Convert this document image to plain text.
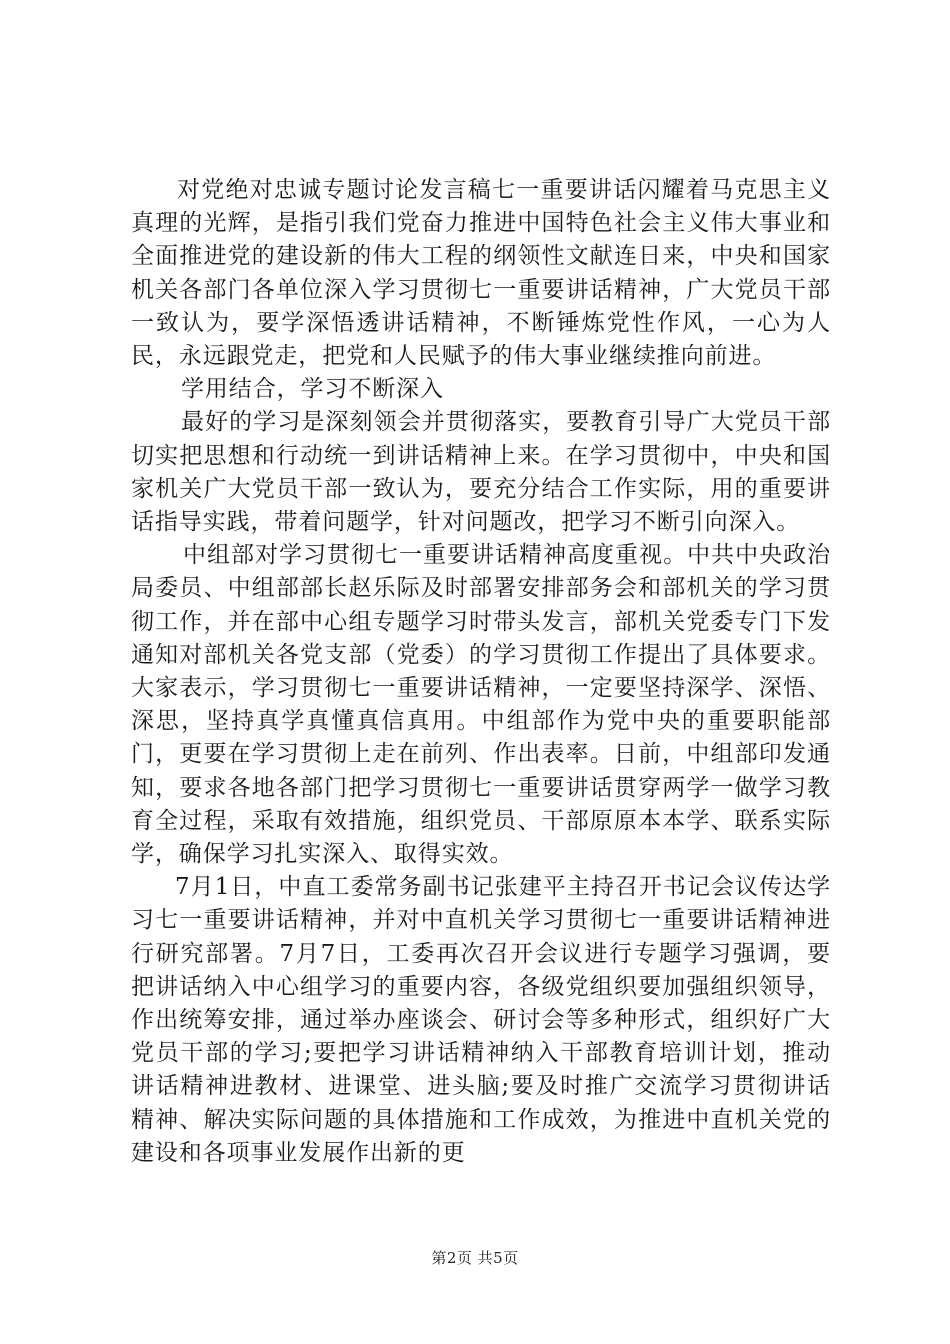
对党绝对忠诚专题讨论发言稿七一重要讲话闪耀着马克思主义真理的光辉，是指引我们党奋力推进中国特色社会主义伟大事业和全面推进党的建设新的伟大工程的纲领性文献连日来，中央和国家机关各部门各单位深入学习贯彻七一重要讲话精神，广大党员干部一致认为，要学深悟透讲话精神，不断锤炼党性作风，一心为人民，永远跟党走，把党和人民赋予的伟大事业继续推向前进。

学用结合，学习不断深入

最好的学习是深刻领会并贯彻落实，要教育引导广大党员干部切实把思想和行动统一到讲话精神上来。在学习贯彻中，中央和国家机关广大党员干部一致认为，要充分结合工作实际，用的重要讲话指导实践，带着问题学，针对问题改，把学习不断引向深入。

中组部对学习贯彻七一重要讲话精神高度重视。中共中央政治局委员、中组部部长赵乐际及时部署安排部务会和部机关的学习贯彻工作，并在部中心组专题学习时带头发言，部机关党委专门下发通知对部机关各党支部（党委）的学习贯彻工作提出了具体要求。大家表示，学习贯彻七一重要讲话精神，一定要坚持深学、深悟、深思，坚持真学真懂真信真用。中组部作为党中央的重要职能部门，更要在学习贯彻上走在前列、作出表率。日前，中组部印发通知，要求各地各部门把学习贯彻七一重要讲话贯穿两学一做学习教育全过程，采取有效措施，组织党员、干部原原本本学、联系实际学，确保学习扎实深入、取得实效。

7月1日，中直工委常务副书记张建平主持召开书记会议传达学习七一重要讲话精神，并对中直机关学习贯彻七一重要讲话精神进行研究部署。7月7日，工委再次召开会议进行专题学习强调，要把讲话纳入中心组学习的重要内容，各级党组织要加强组织领导，作出统筹安排，通过举办座谈会、研讨会等多种形式，组织好广大党员干部的学习;要把学习讲话精神纳入干部教育培训计划，推动讲话精神进教材、进课堂、进头脑;要及时推广交流学习贯彻讲话精神、解决实际问题的具体措施和工作成效，为推进中直机关党的建设和各项事业发展作出新的更

第2页 共5页
